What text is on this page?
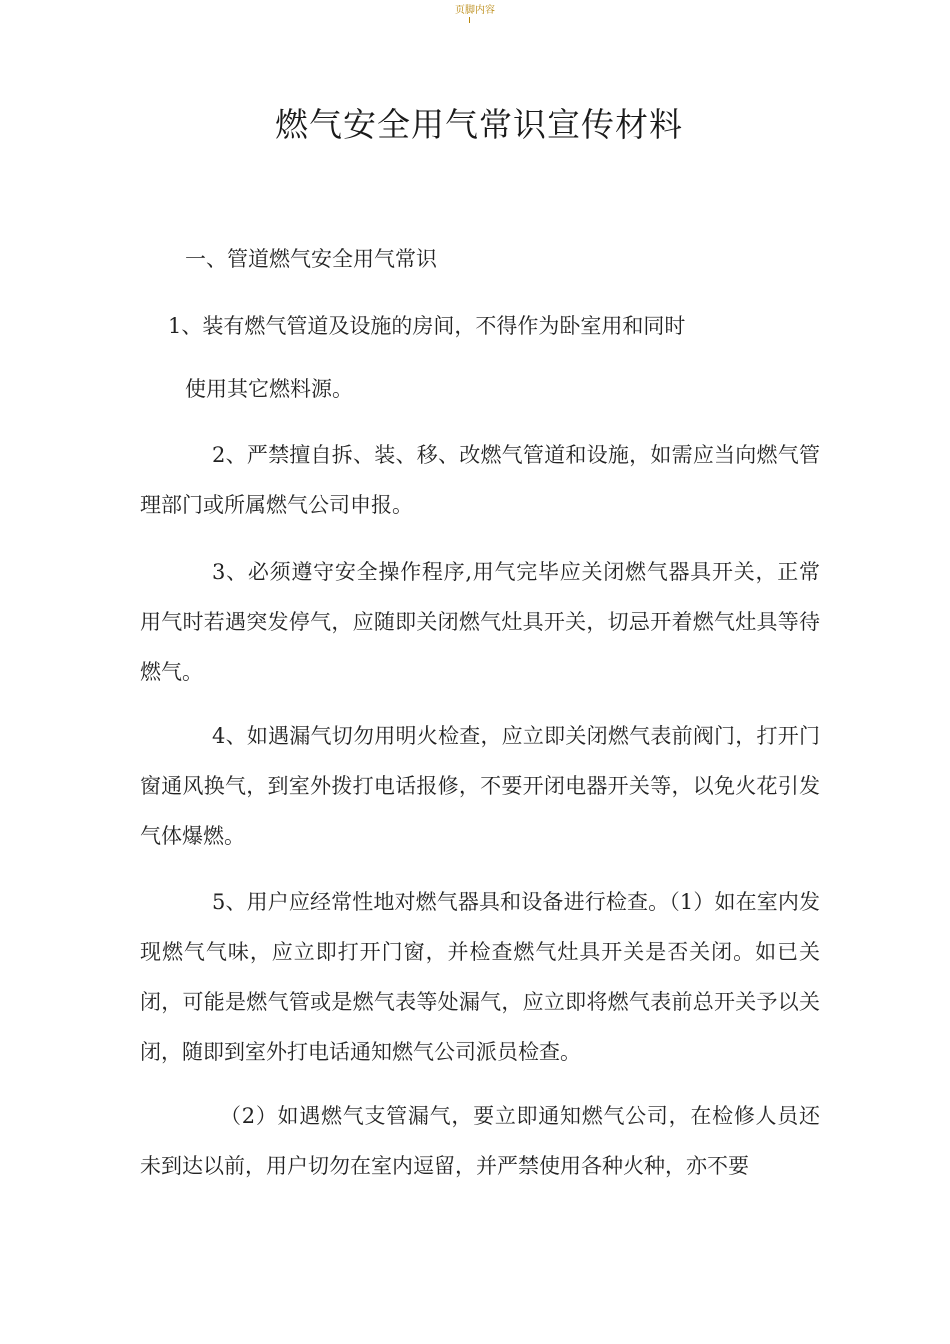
页脚内容
燃气安全用气常识宣传材料
一、管道燃气安全用气常识
1、装有燃气管道及设施的房间，不得作为卧室用和同时
使用其它燃料源。
2、严禁擅自拆、装、移、改燃气管道和设施，如需应当向燃气管理部门或所属燃气公司申报。
3、必须遵守安全操作程序,用气完毕应关闭燃气器具开关，正常用气时若遇突发停气，应随即关闭燃气灶具开关，切忌开着燃气灶具等待燃气。
4、如遇漏气切勿用明火检查，应立即关闭燃气表前阀门，打开门窗通风换气，到室外拨打电话报修，不要开闭电器开关等，以免火花引发气体爆燃。
5、用户应经常性地对燃气器具和设备进行检查。（1）如在室内发现燃气气味，应立即打开门窗，并检查燃气灶具开关是否关闭。如已关闭，可能是燃气管或是燃气表等处漏气，应立即将燃气表前总开关予以关闭，随即到室外打电话通知燃气公司派员检查。
（2）如遇燃气支管漏气，要立即通知燃气公司，在检修人员还未到达以前，用户切勿在室内逗留，并严禁使用各种火种，亦不要
